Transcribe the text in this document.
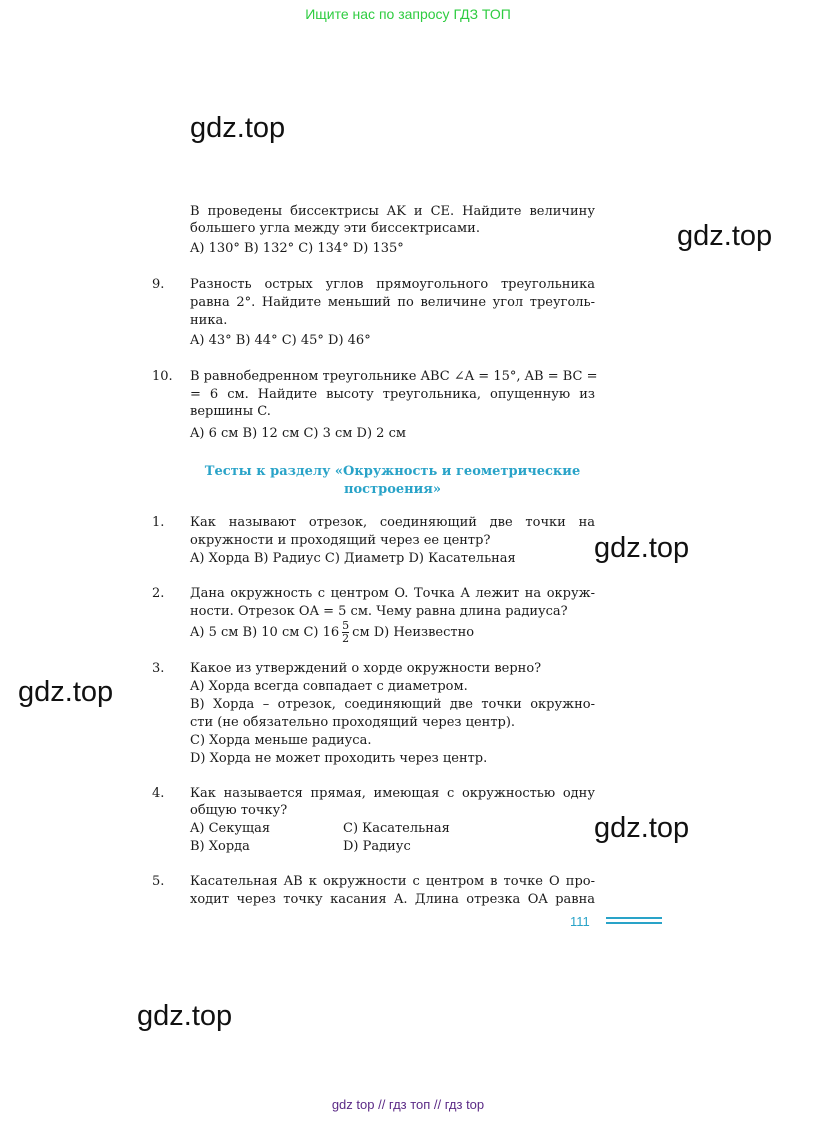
Ищите нас по запросу ГДЗ ТОП
gdz.top
gdz.top
gdz.top
gdz.top
gdz.top
gdz.top
B проведены биссектрисы AK и CE. Найдите величину
большего угла между эти биссектрисами.
A) 130° B) 132° C) 134° D) 135°
9. Разность острых углов прямоугольного треугольника
равна 2°. Найдите меньший по величине угол треуголь-
ника.
A) 43° B) 44° C) 45° D) 46°
10. В равнобедренном треугольнике ABC ∠A = 15°, AB = BC =
= 6 см. Найдите высоту треугольника, опущенную из
вершины C.
A) 6 см B) 12 см C) 3 см D) 2 см
Тесты к разделу «Окружность и геометрические
построения»
1. Как называют отрезок, соединяющий две точки на
окружности и проходящий через ее центр?
A) Хорда B) Радиус C) Диаметр D) Касательная
2. Дана окружность с центром O. Точка A лежит на окруж-
ности. Отрезок OA = 5 см. Чему равна длина радиуса?
A) 5 см B) 10 см C) $16 \frac{5}{2}$ см D) Неизвестно
3. Какое из утверждений о хорде окружности верно?
A) Хорда всегда совпадает с диаметром.
B) Хорда – отрезок, соединяющий две точки окружно-
сти (не обязательно проходящий через центр).
C) Хорда меньше радиуса.
D) Хорда не может проходить через центр.
4. Как называется прямая, имеющая с окружностью одну
общую точку?
A) Секущая	C) Касательная
B) Хорда	D) Радиус
5. Касательная AB к окружности с центром в точке O про-
ходит через точку касания A. Длина отрезка OA равна
111
gdz top // гдз топ // гдз top
